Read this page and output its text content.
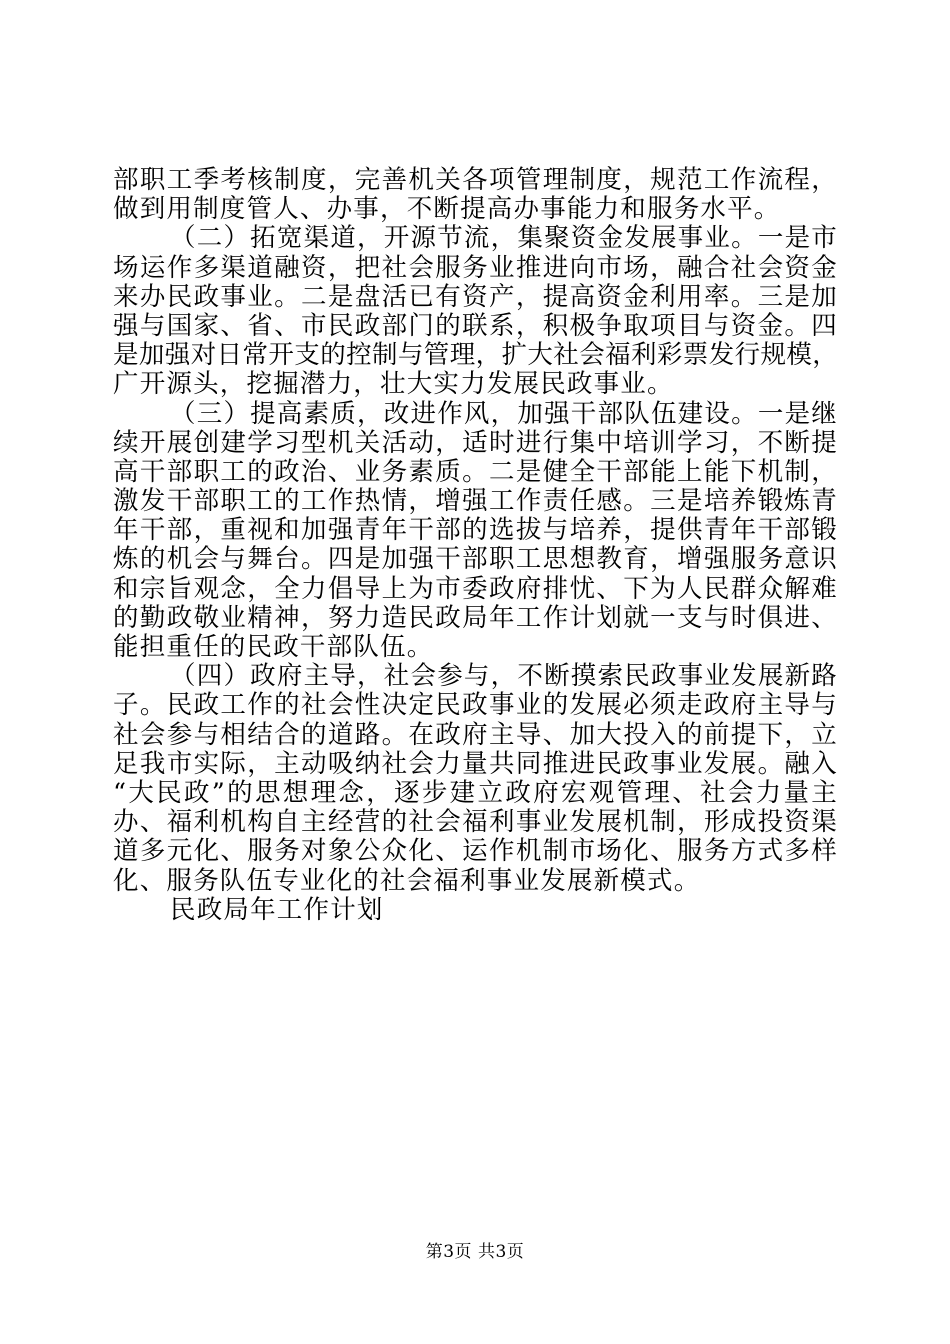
部职工季考核制度，完善机关各项管理制度，规范工作流程，
做到用制度管人、办事，不断提高办事能力和服务水平。
（二）拓宽渠道，开源节流，集聚资金发展事业。一是市
场运作多渠道融资，把社会服务业推进向市场，融合社会资金
来办民政事业。二是盘活已有资产，提高资金利用率。三是加
强与国家、省、市民政部门的联系，积极争取项目与资金。四
是加强对日常开支的控制与管理，扩大社会福利彩票发行规模，
广开源头，挖掘潜力，壮大实力发展民政事业。
（三）提高素质，改进作风，加强干部队伍建设。一是继
续开展创建学习型机关活动，适时进行集中培训学习，不断提
高干部职工的政治、业务素质。二是健全干部能上能下机制，
激发干部职工的工作热情，增强工作责任感。三是培养锻炼青
年干部，重视和加强青年干部的选拔与培养，提供青年干部锻
炼的机会与舞台。四是加强干部职工思想教育，增强服务意识
和宗旨观念，全力倡导上为市委政府排忧、下为人民群众解难
的勤政敬业精神，努力造民政局年工作计划就一支与时俱进、
能担重任的民政干部队伍。
（四）政府主导，社会参与，不断摸索民政事业发展新路
子。民政工作的社会性决定民政事业的发展必须走政府主导与
社会参与相结合的道路。在政府主导、加大投入的前提下，立
足我市实际，主动吸纳社会力量共同推进民政事业发展。融入
“大民政”的思想理念，逐步建立政府宏观管理、社会力量主
办、福利机构自主经营的社会福利事业发展机制，形成投资渠
道多元化、服务对象公众化、运作机制市场化、服务方式多样
化、服务队伍专业化的社会福利事业发展新模式。
民政局年工作计划
第3页 共3页
